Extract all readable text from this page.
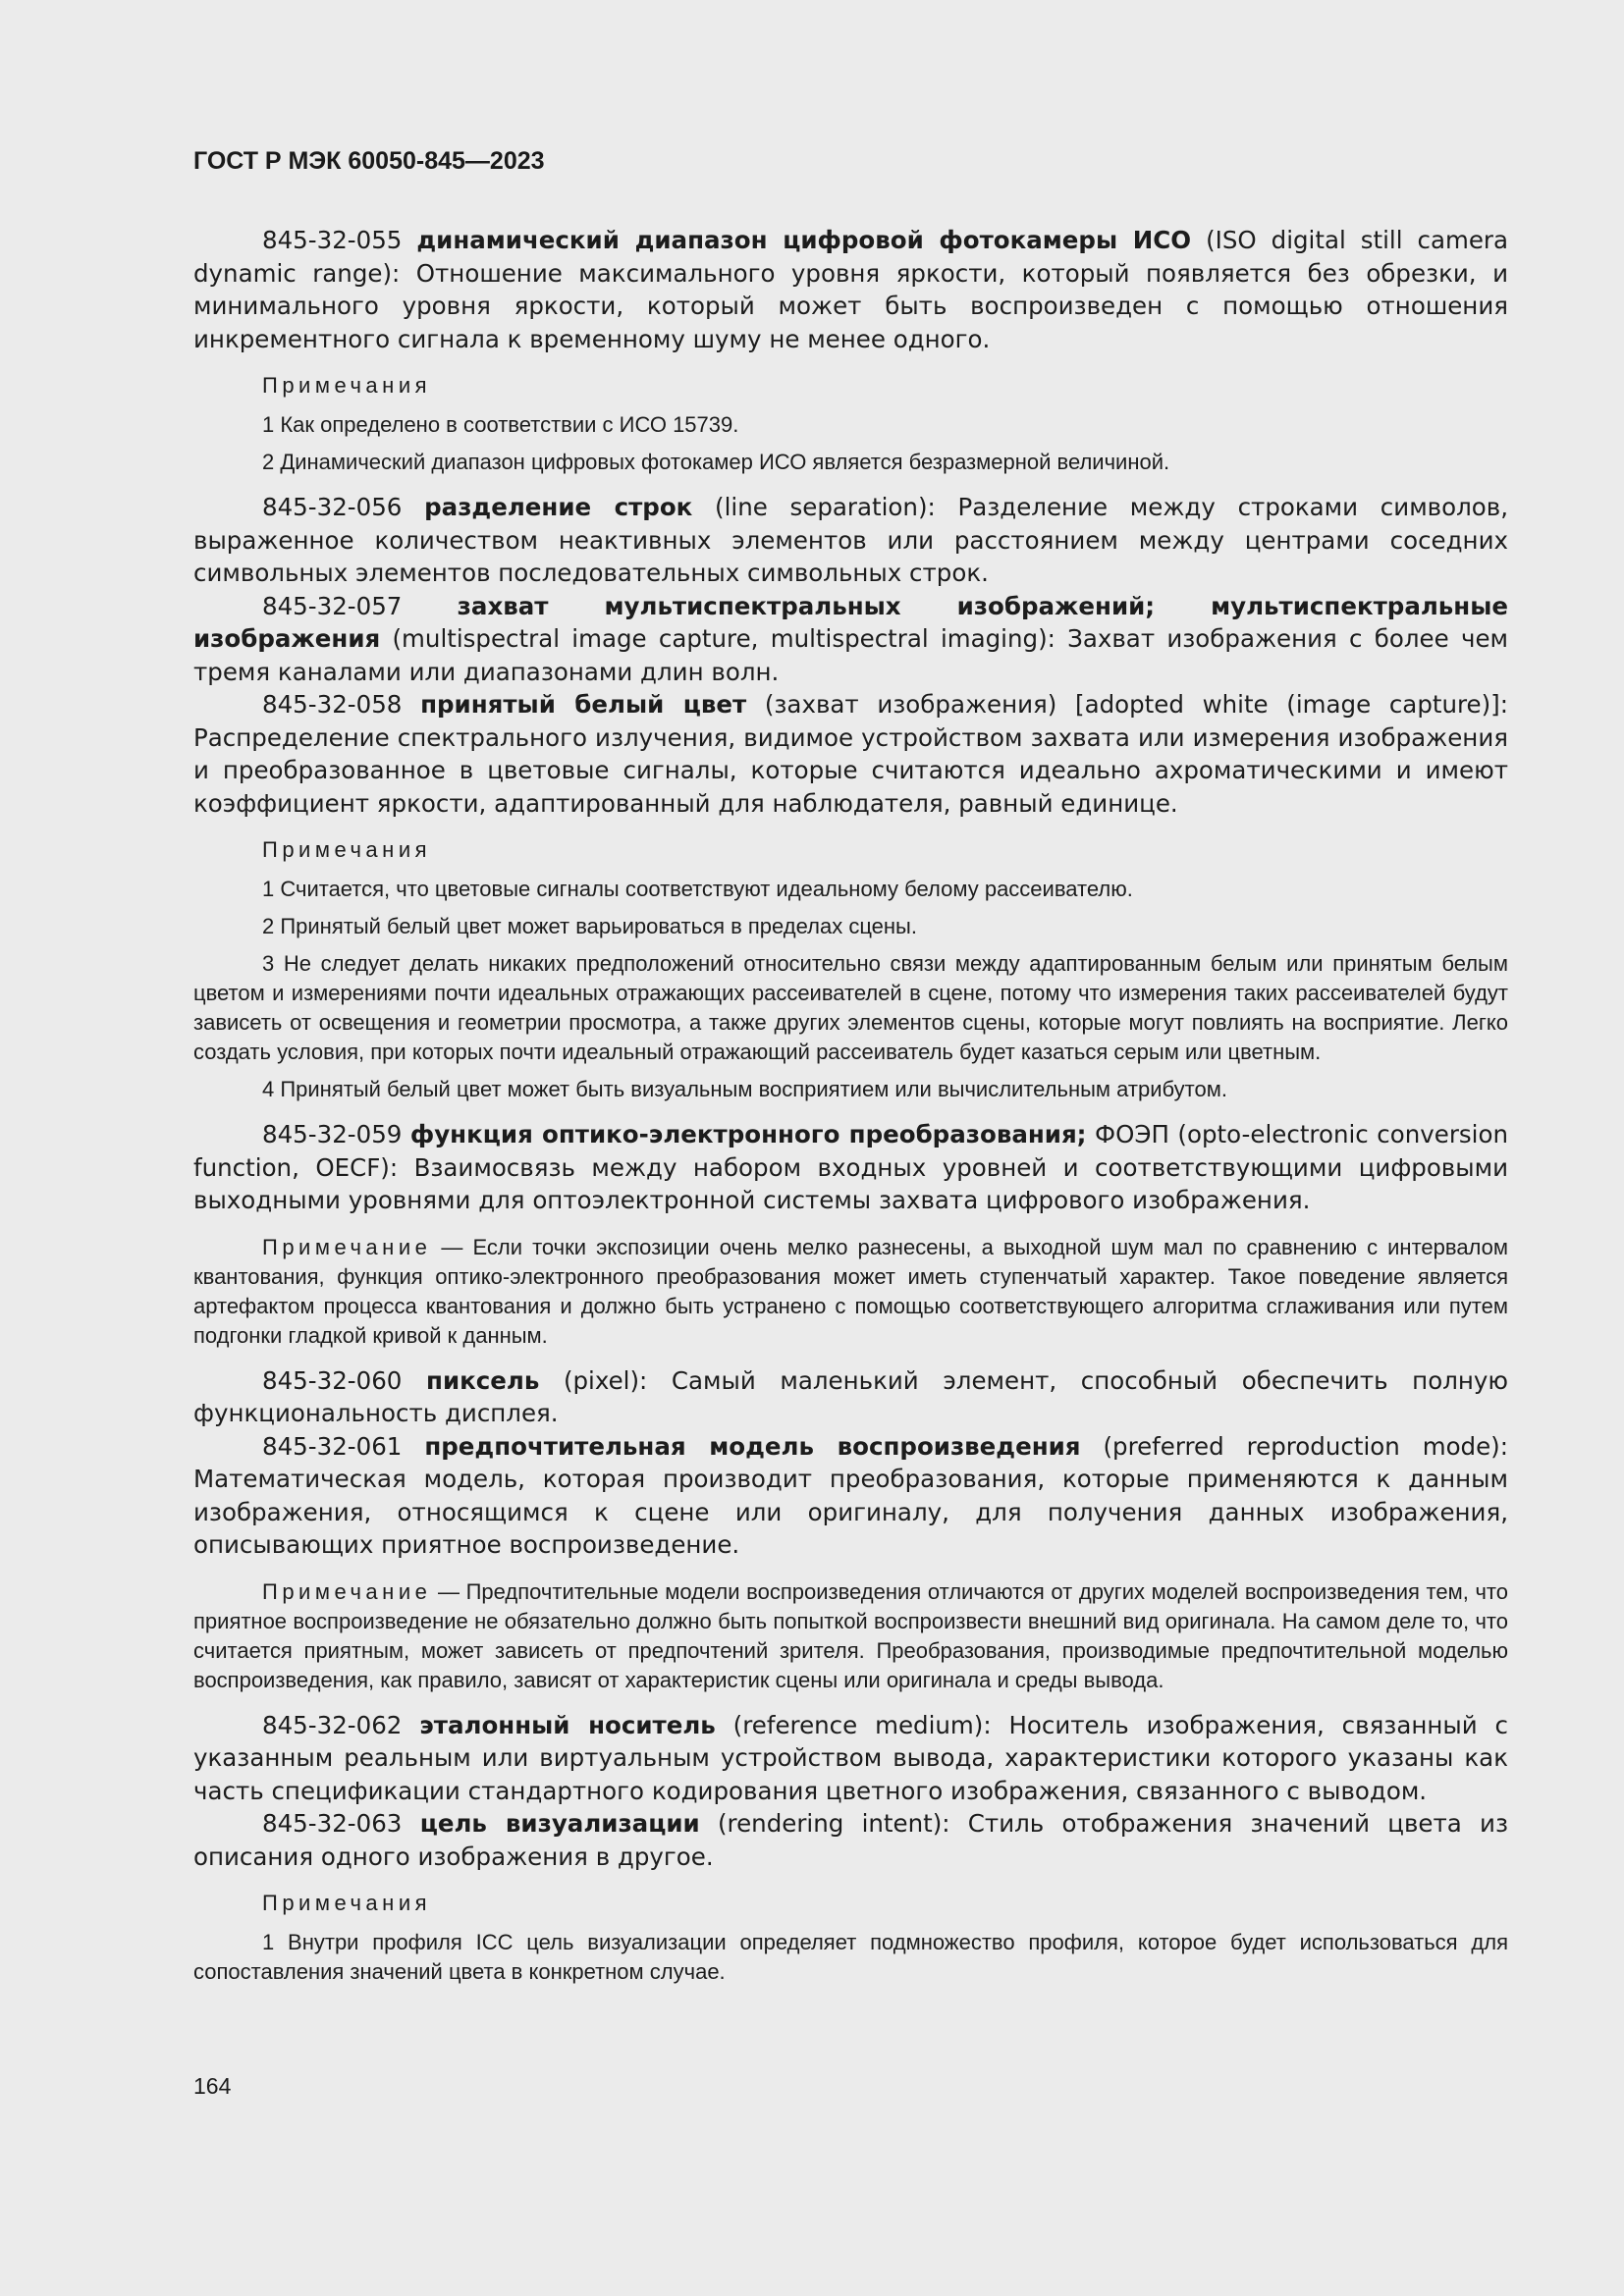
ГОСТ Р МЭК 60050-845—2023

845-32-055 динамический диапазон цифровой фотокамеры ИСО (ISO digital still camera dynamic range): Отношение максимального уровня яркости, который появляется без обрезки, и минимального уровня яркости, который может быть воспроизведен с помощью отношения инкрементного сигнала к временному шуму не менее одного.

Примечания

1 Как определено в соответствии с ИСО 15739.

2 Динамический диапазон цифровых фотокамер ИСО является безразмерной величиной.

845-32-056 разделение строк (line separation): Разделение между строками символов, выраженное количеством неактивных элементов или расстоянием между центрами соседних символьных элементов последовательных символьных строк.

845-32-057 захват мультиспектральных изображений; мультиспектральные изображения (multispectral image capture, multispectral imaging): Захват изображения с более чем тремя каналами или диапазонами длин волн.

845-32-058 принятый белый цвет (захват изображения) [adopted white (image capture)]: Распределение спектрального излучения, видимое устройством захвата или измерения изображения и преобразованное в цветовые сигналы, которые считаются идеально ахроматическими и имеют коэффициент яркости, адаптированный для наблюдателя, равный единице.

Примечания

1 Считается, что цветовые сигналы соответствуют идеальному белому рассеивателю.

2 Принятый белый цвет может варьироваться в пределах сцены.

3 Не следует делать никаких предположений относительно связи между адаптированным белым или принятым белым цветом и измерениями почти идеальных отражающих рассеивателей в сцене, потому что измерения таких рассеивателей будут зависеть от освещения и геометрии просмотра, а также других элементов сцены, которые могут повлиять на восприятие. Легко создать условия, при которых почти идеальный отражающий рассеиватель будет казаться серым или цветным.

4 Принятый белый цвет может быть визуальным восприятием или вычислительным атрибутом.

845-32-059 функция оптико-электронного преобразования; ФОЭП (opto-electronic conversion function, OECF): Взаимосвязь между набором входных уровней и соответствующими цифровыми выходными уровнями для оптоэлектронной системы захвата цифрового изображения.

Примечание — Если точки экспозиции очень мелко разнесены, а выходной шум мал по сравнению с интервалом квантования, функция оптико-электронного преобразования может иметь ступенчатый характер. Такое поведение является артефактом процесса квантования и должно быть устранено с помощью соответствующего алгоритма сглаживания или путем подгонки гладкой кривой к данным.

845-32-060 пиксель (pixel): Самый маленький элемент, способный обеспечить полную функциональность дисплея.

845-32-061 предпочтительная модель воспроизведения (preferred reproduction mode): Математическая модель, которая производит преобразования, которые применяются к данным изображения, относящимся к сцене или оригиналу, для получения данных изображения, описывающих приятное воспроизведение.

Примечание — Предпочтительные модели воспроизведения отличаются от других моделей воспроизведения тем, что приятное воспроизведение не обязательно должно быть попыткой воспроизвести внешний вид оригинала. На самом деле то, что считается приятным, может зависеть от предпочтений зрителя. Преобразования, производимые предпочтительной моделью воспроизведения, как правило, зависят от характеристик сцены или оригинала и среды вывода.

845-32-062 эталонный носитель (reference medium): Носитель изображения, связанный с указанным реальным или виртуальным устройством вывода, характеристики которого указаны как часть спецификации стандартного кодирования цветного изображения, связанного с выводом.

845-32-063 цель визуализации (rendering intent): Стиль отображения значений цвета из описания одного изображения в другое.

Примечания

1 Внутри профиля ICC цель визуализации определяет подмножество профиля, которое будет использоваться для сопоставления значений цвета в конкретном случае.

164
